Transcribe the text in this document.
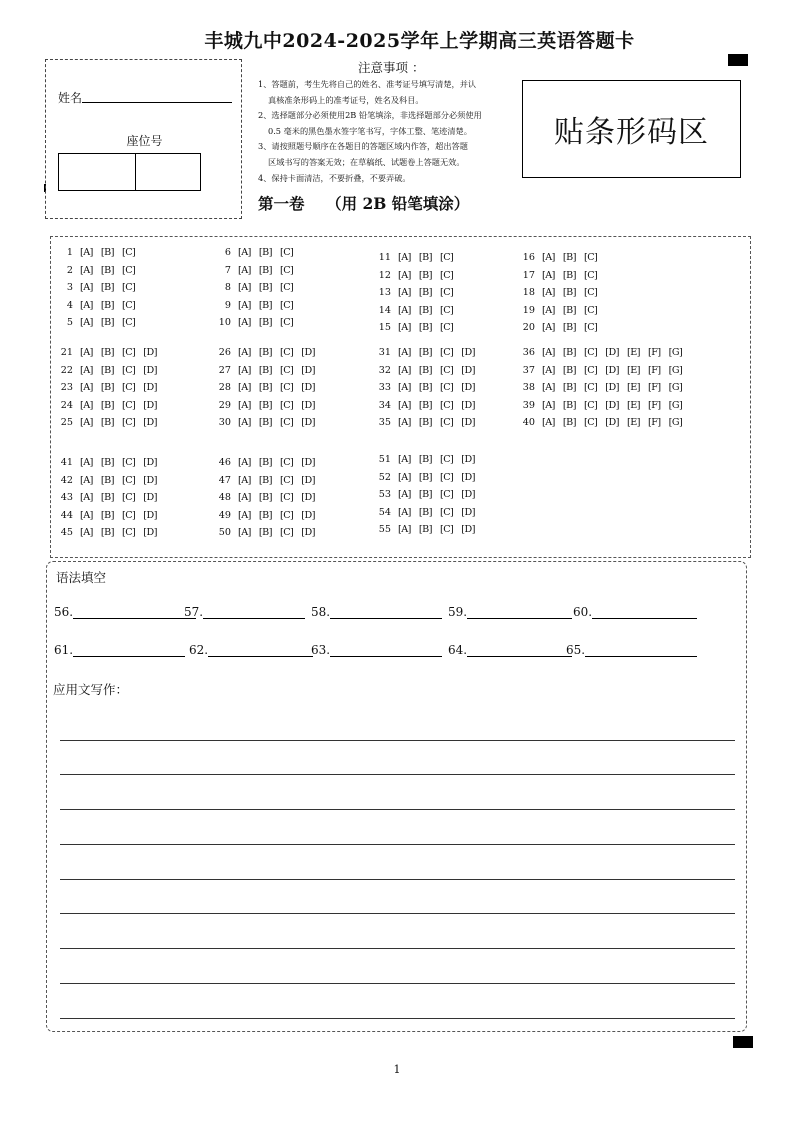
丰城九中2024-2025学年上学期高三英语答题卡
姓名
座位号
注意事项 ：
1、答题前，考生先将自己的姓名、准考证号填写清楚，并认
真核准条形码上的准考证号，姓名及科目。
2、选择题部分必须使用2B 铅笔填涂，非选择题部分必须使用
0.5 毫米的黑色墨水签字笔书写，字体工整、笔迹清楚。
3、请按照题号顺序在各题目的答题区域内作答，超出答题
区域书写的答案无效；在草稿纸、试题卷上答题无效。
4、保持卡面清洁，不要折叠，不要弄破。
贴条形码区
第一卷    （用 2B 铅笔填涂）
1 [A] [B] [C]
2 [A] [B] [C]
3 [A] [B] [C]
4 [A] [B] [C]
5 [A] [B] [C]
6 [A] [B] [C]
7 [A] [B] [C]
8 [A] [B] [C]
9 [A] [B] [C]
10 [A] [B] [C]
11 [A] [B] [C]
12 [A] [B] [C]
13 [A] [B] [C]
14 [A] [B] [C]
15 [A] [B] [C]
16 [A] [B] [C]
17 [A] [B] [C]
18 [A] [B] [C]
19 [A] [B] [C]
20 [A] [B] [C]
21 [A] [B] [C] [D]
22 [A] [B] [C] [D]
23 [A] [B] [C] [D]
24 [A] [B] [C] [D]
25 [A] [B] [C] [D]
26 [A] [B] [C] [D]
27 [A] [B] [C] [D]
28 [A] [B] [C] [D]
29 [A] [B] [C] [D]
30 [A] [B] [C] [D]
31 [A] [B] [C] [D]
32 [A] [B] [C] [D]
33 [A] [B] [C] [D]
34 [A] [B] [C] [D]
35 [A] [B] [C] [D]
36 [A] [B] [C] [D] [E] [F] [G]
37 [A] [B] [C] [D] [E] [F] [G]
38 [A] [B] [C] [D] [E] [F] [G]
39 [A] [B] [C] [D] [E] [F] [G]
40 [A] [B] [C] [D] [E] [F] [G]
41 [A] [B] [C] [D]
42 [A] [B] [C] [D]
43 [A] [B] [C] [D]
44 [A] [B] [C] [D]
45 [A] [B] [C] [D]
46 [A] [B] [C] [D]
47 [A] [B] [C] [D]
48 [A] [B] [C] [D]
49 [A] [B] [C] [D]
50 [A] [B] [C] [D]
51 [A] [B] [C] [D]
52 [A] [B] [C] [D]
53 [A] [B] [C] [D]
54 [A] [B] [C] [D]
55 [A] [B] [C] [D]
语法填空
56.	57.	58.	59.	60.
61.	62.	63.	64.	65.
应用文写作：
1
